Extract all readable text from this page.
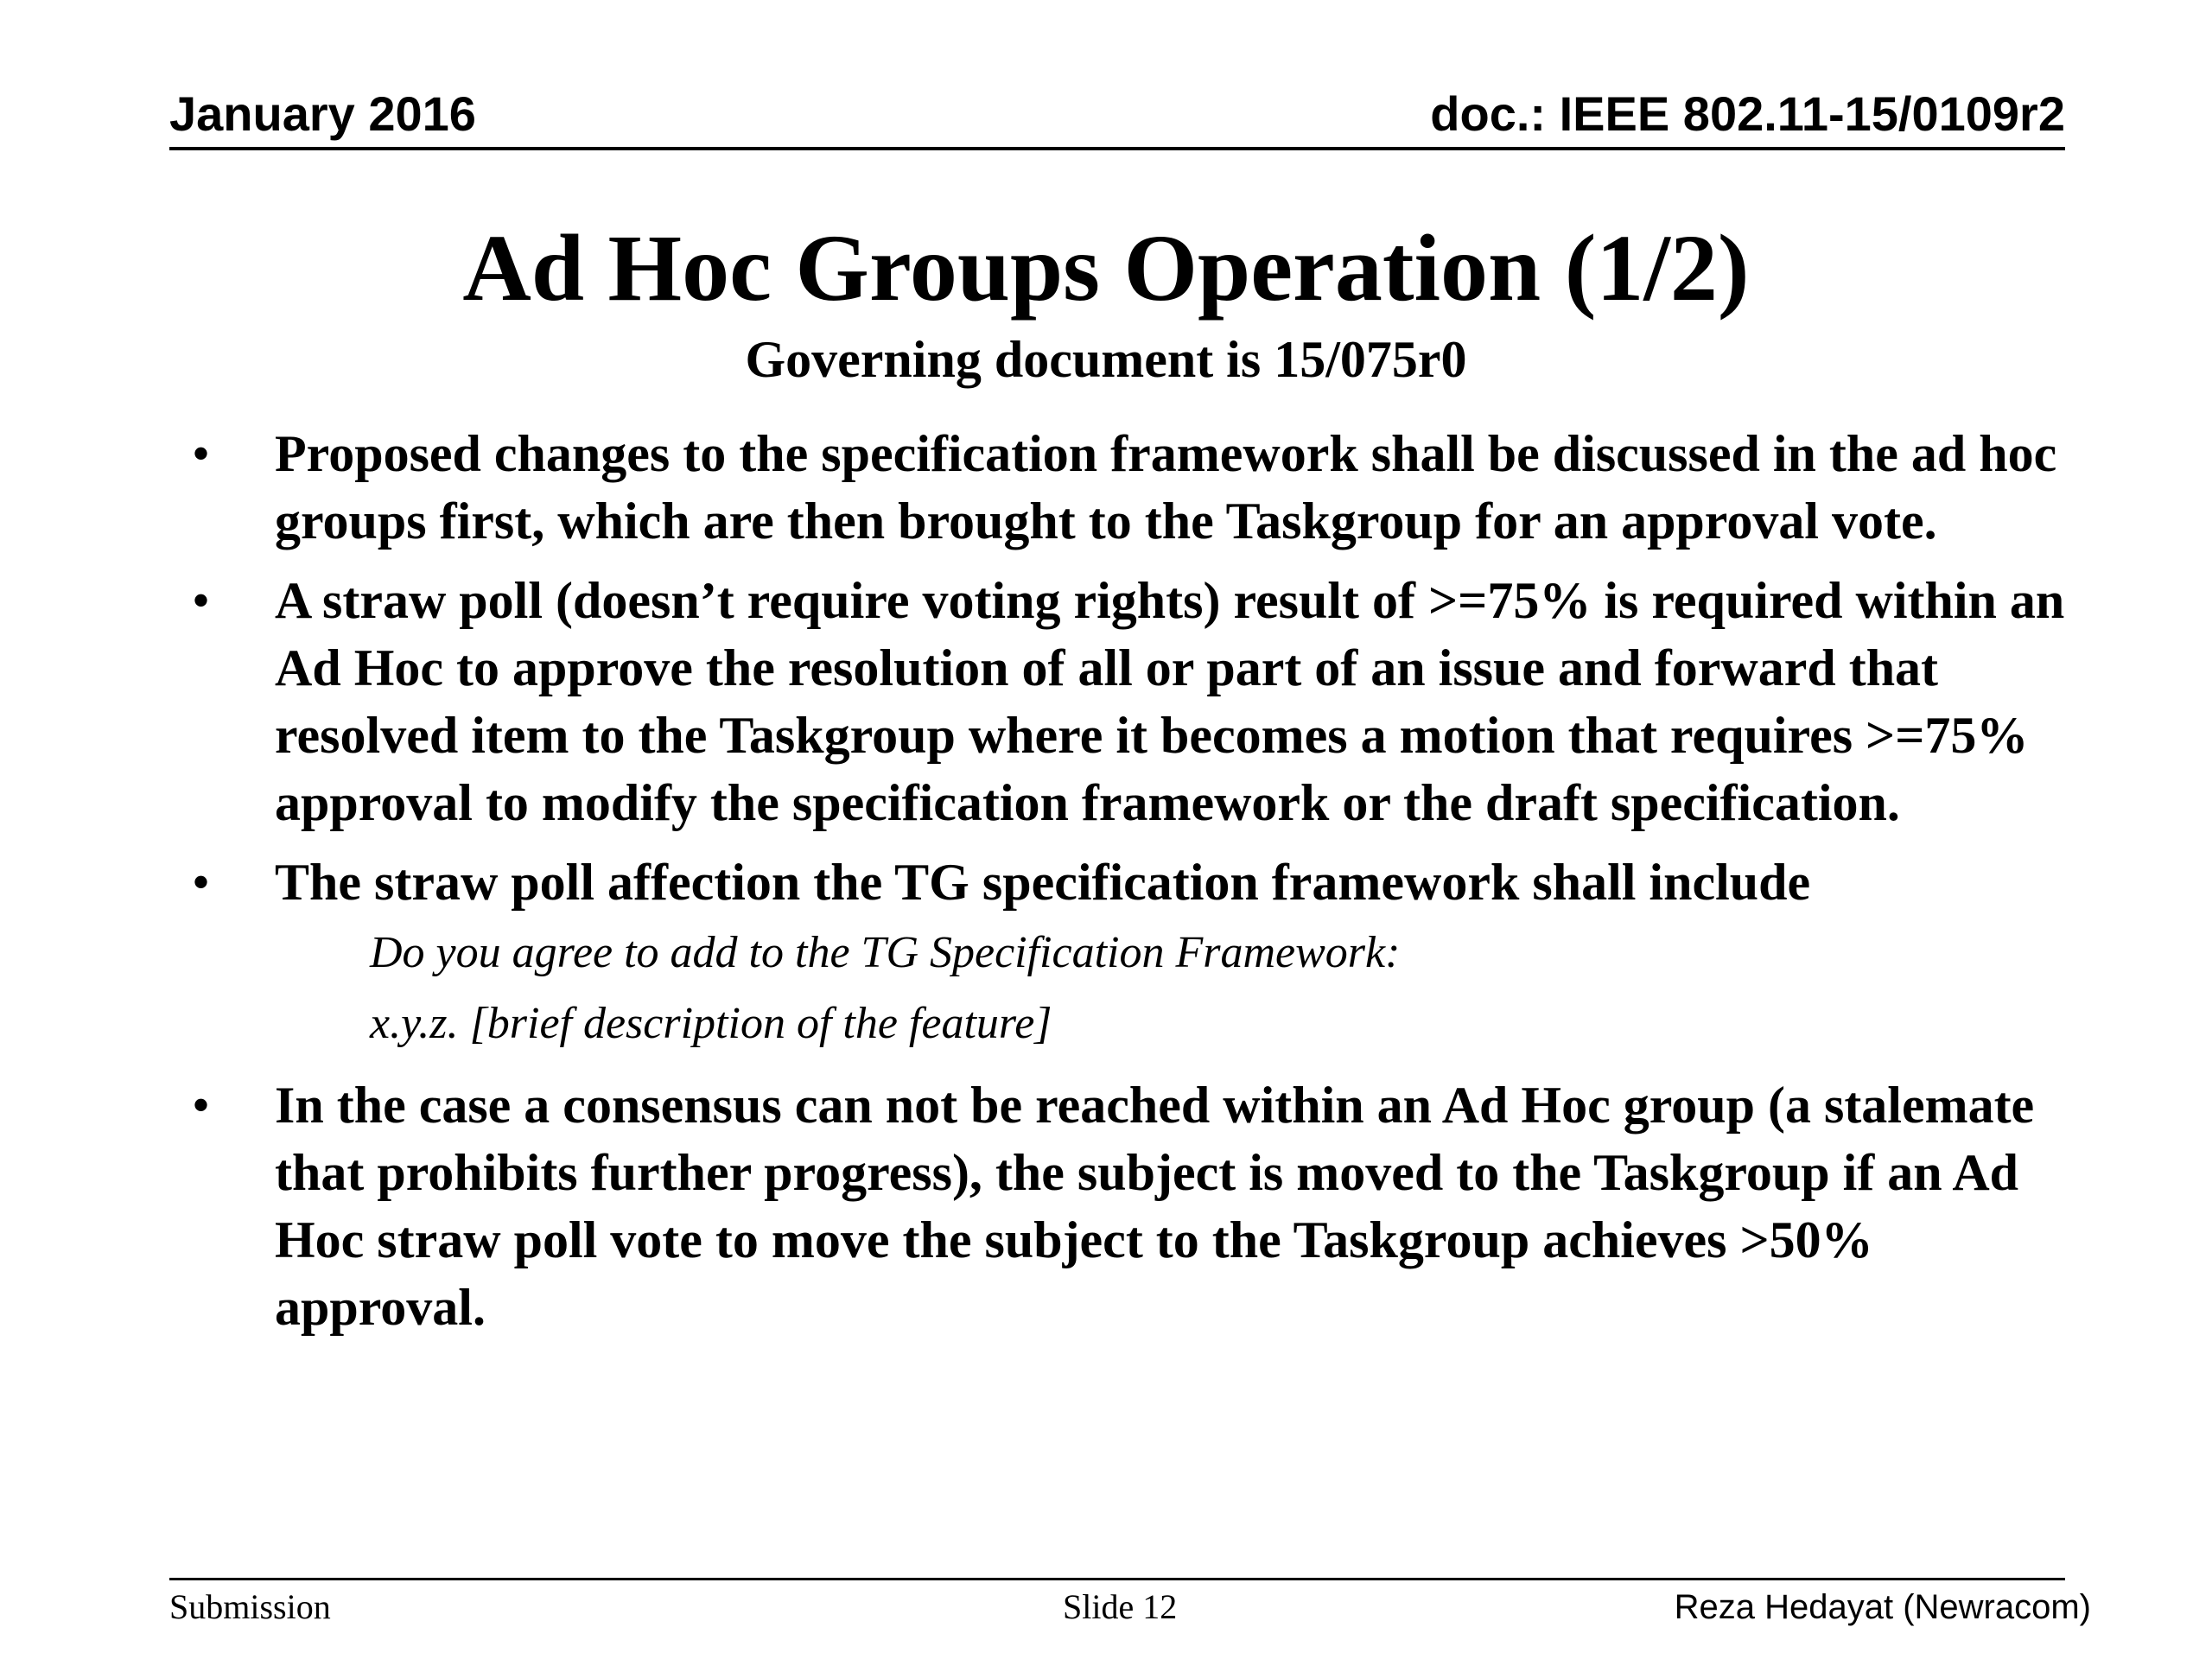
January 2016	doc.: IEEE 802.11-15/0109r2
Ad Hoc Groups Operation (1/2)
Governing document is 15/075r0
• Proposed changes to the specification framework shall be discussed in the ad hoc groups first, which are then brought to the Taskgroup for an approval vote.
• A straw poll (doesn’t require voting rights) result of >=75% is required within an Ad Hoc to approve the resolution of all or part of an issue and forward that resolved item to the Taskgroup where it becomes a motion that requires >=75% approval to modify the specification framework or the draft specification.
• The straw poll affection the TG specification framework shall include
Do you agree to add to the TG Specification Framework:
x.y.z. [brief description of the feature]
• In the case a consensus can not be reached within an Ad Hoc group (a stalemate that prohibits further progress), the subject is moved to the Taskgroup if an Ad Hoc straw poll vote to move the subject to the Taskgroup achieves >50% approval.
Submission	Slide 12	Reza Hedayat (Newracom)
